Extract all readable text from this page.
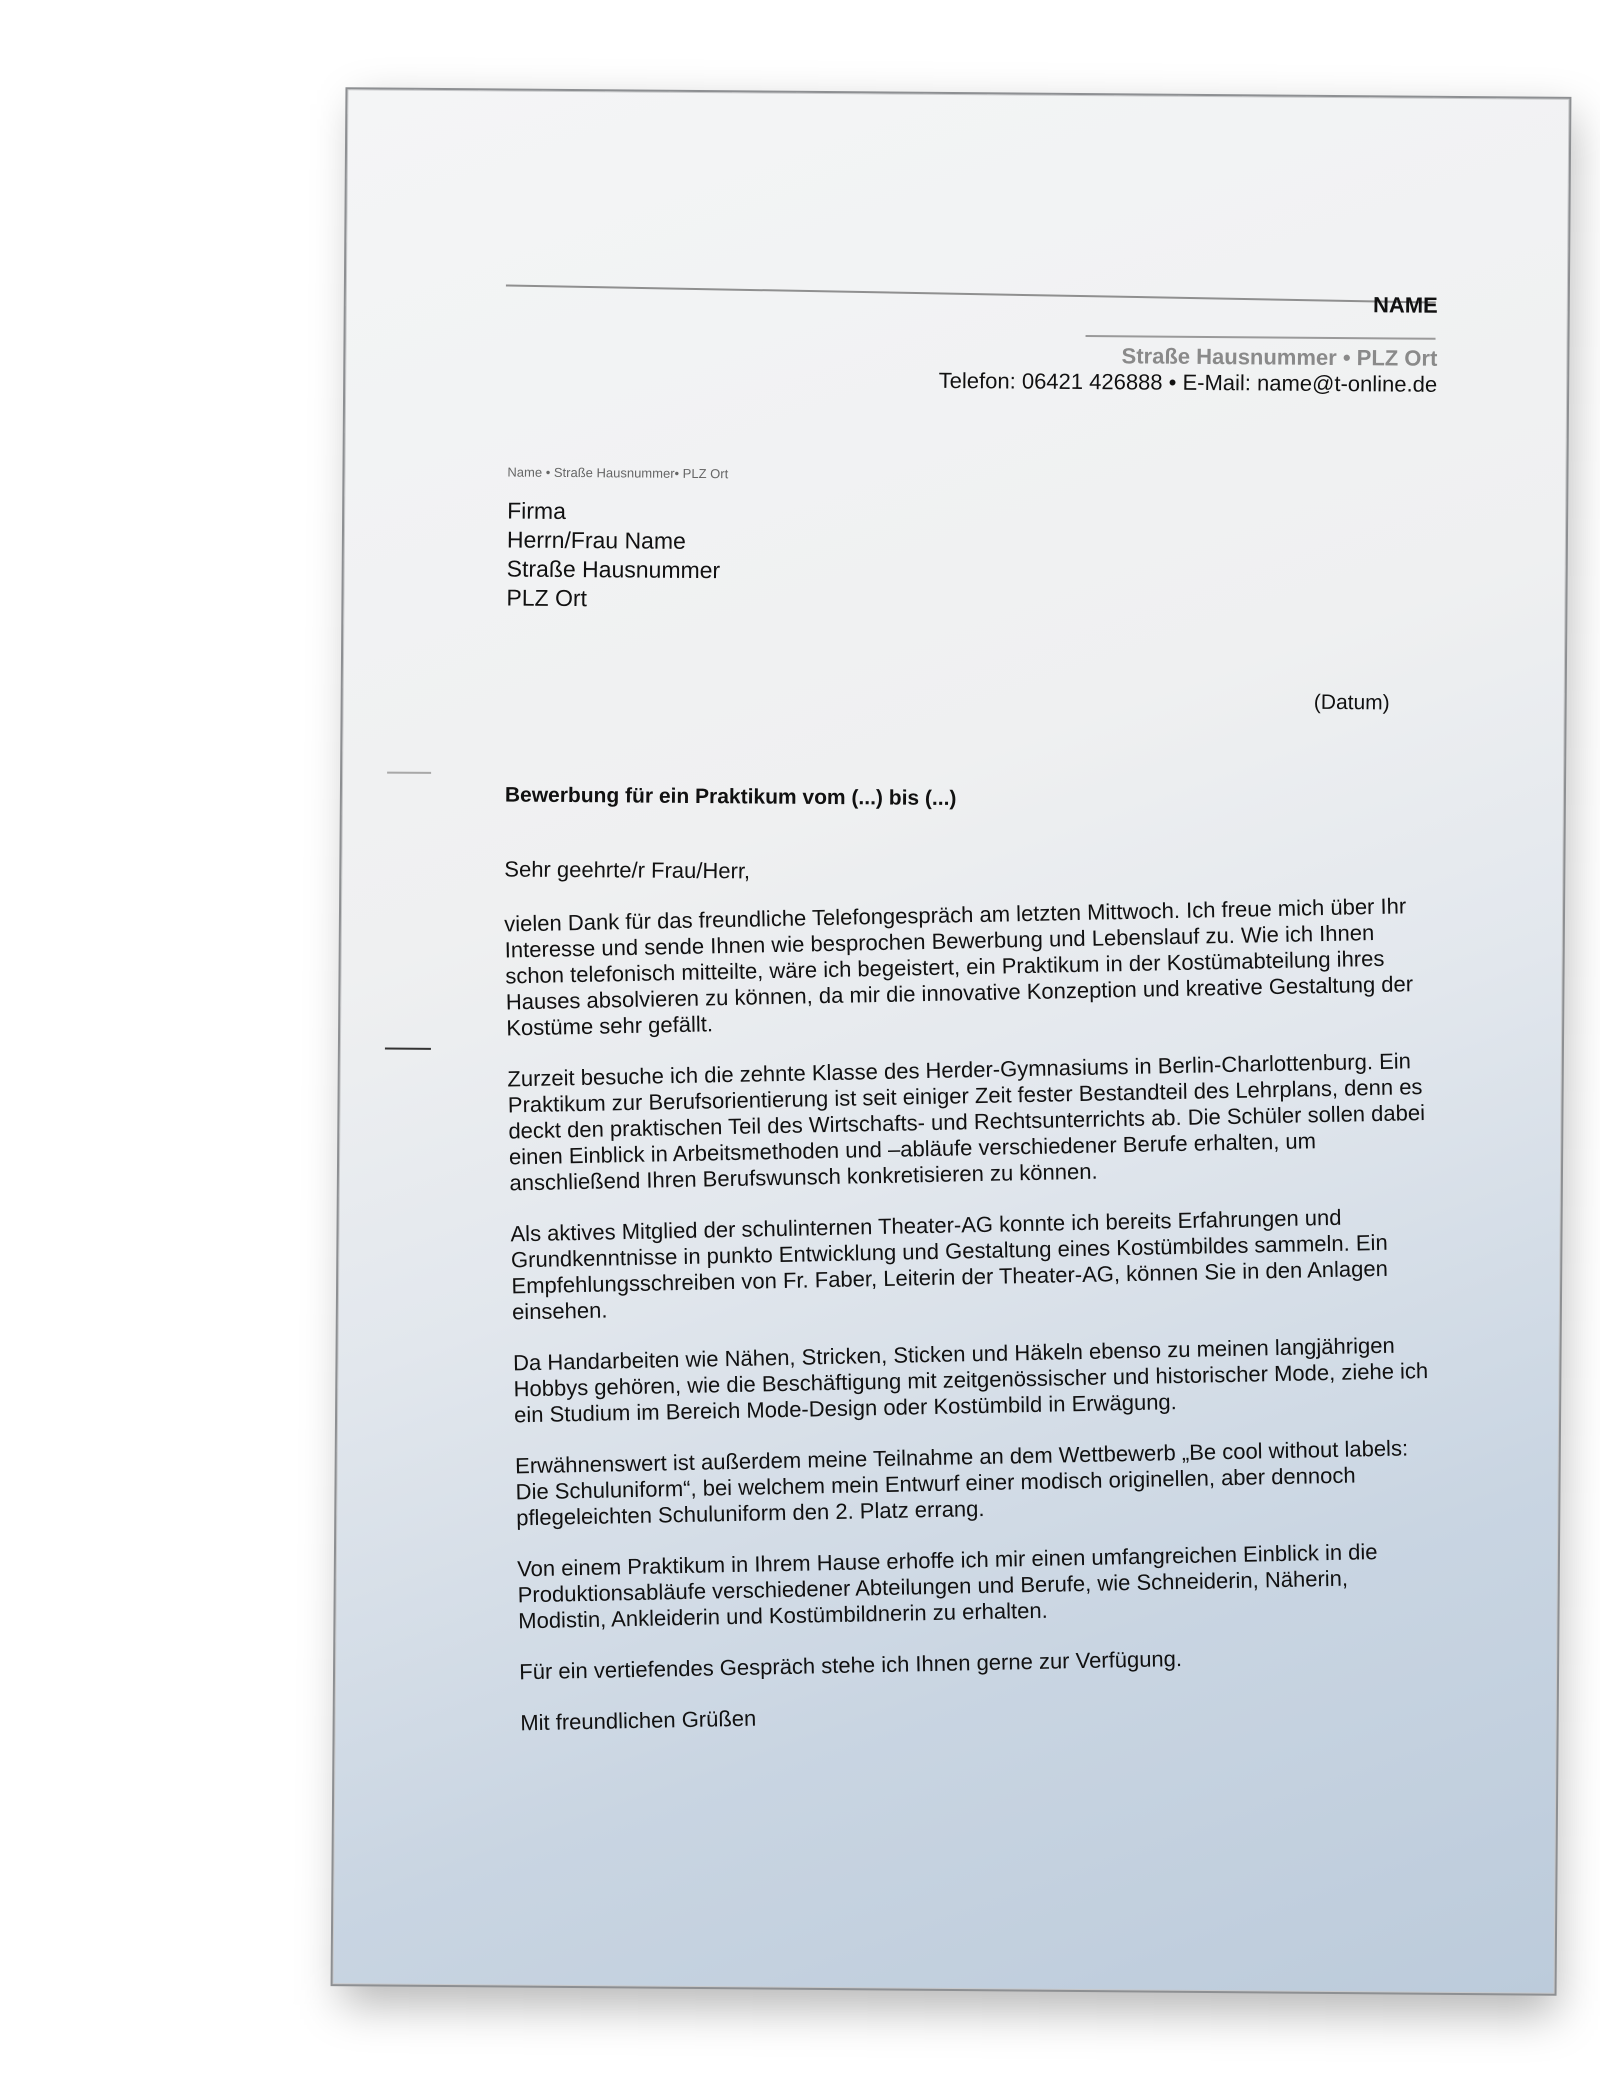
NAME
Straße Hausnummer • PLZ Ort
Telefon: 06421 426888 • E-Mail: name@t-online.de
Name • Straße Hausnummer• PLZ Ort
Firma
Herrn/Frau Name
Straße Hausnummer
PLZ Ort
(Datum)
Bewerbung für ein Praktikum vom (...) bis (...)
Sehr geehrte/r Frau/Herr,

vielen Dank für das freundliche Telefongespräch am letzten Mittwoch. Ich freue mich über Ihr Interesse und sende Ihnen wie besprochen Bewerbung und Lebenslauf zu. Wie ich Ihnen schon telefonisch mitteilte, wäre ich begeistert, ein Praktikum in der Kostümabteilung ihres Hauses absolvieren zu können, da mir die innovative Konzeption und kreative Gestaltung der Kostüme sehr gefällt.

Zurzeit besuche ich die zehnte Klasse des Herder-Gymnasiums in Berlin-Charlottenburg. Ein Praktikum zur Berufsorientierung ist seit einiger Zeit fester Bestandteil des Lehrplans, denn es deckt den praktischen Teil des Wirtschafts- und Rechtsunterrichts ab. Die Schüler sollen dabei einen Einblick in Arbeitsmethoden und –abläufe verschiedener Berufe erhalten, um anschließend Ihren Berufswunsch konkretisieren zu können.

Als aktives Mitglied der schulinternen Theater-AG konnte ich bereits Erfahrungen und Grundkenntnisse in punkto Entwicklung und Gestaltung eines Kostümbildes sammeln. Ein Empfehlungsschreiben von Fr. Faber, Leiterin der Theater-AG, können Sie in den Anlagen einsehen.

Da Handarbeiten wie Nähen, Stricken, Sticken und Häkeln ebenso zu meinen langjährigen Hobbys gehören, wie die Beschäftigung mit zeitgenössischer und historischer Mode, ziehe ich ein Studium im Bereich Mode-Design oder Kostümbild in Erwägung.

Erwähnenswert ist außerdem meine Teilnahme an dem Wettbewerb „Be cool without labels: Die Schuluniform“, bei welchem mein Entwurf einer modisch originellen, aber dennoch pflegeleichten Schuluniform den 2. Platz errang.

Von einem Praktikum in Ihrem Hause erhoffe ich mir einen umfangreichen Einblick in die Produktionsabläufe verschiedener Abteilungen und Berufe, wie Schneiderin, Näherin, Modistin, Ankleiderin und Kostümbildnerin zu erhalten.

Für ein vertiefendes Gespräch stehe ich Ihnen gerne zur Verfügung.

Mit freundlichen Grüßen
